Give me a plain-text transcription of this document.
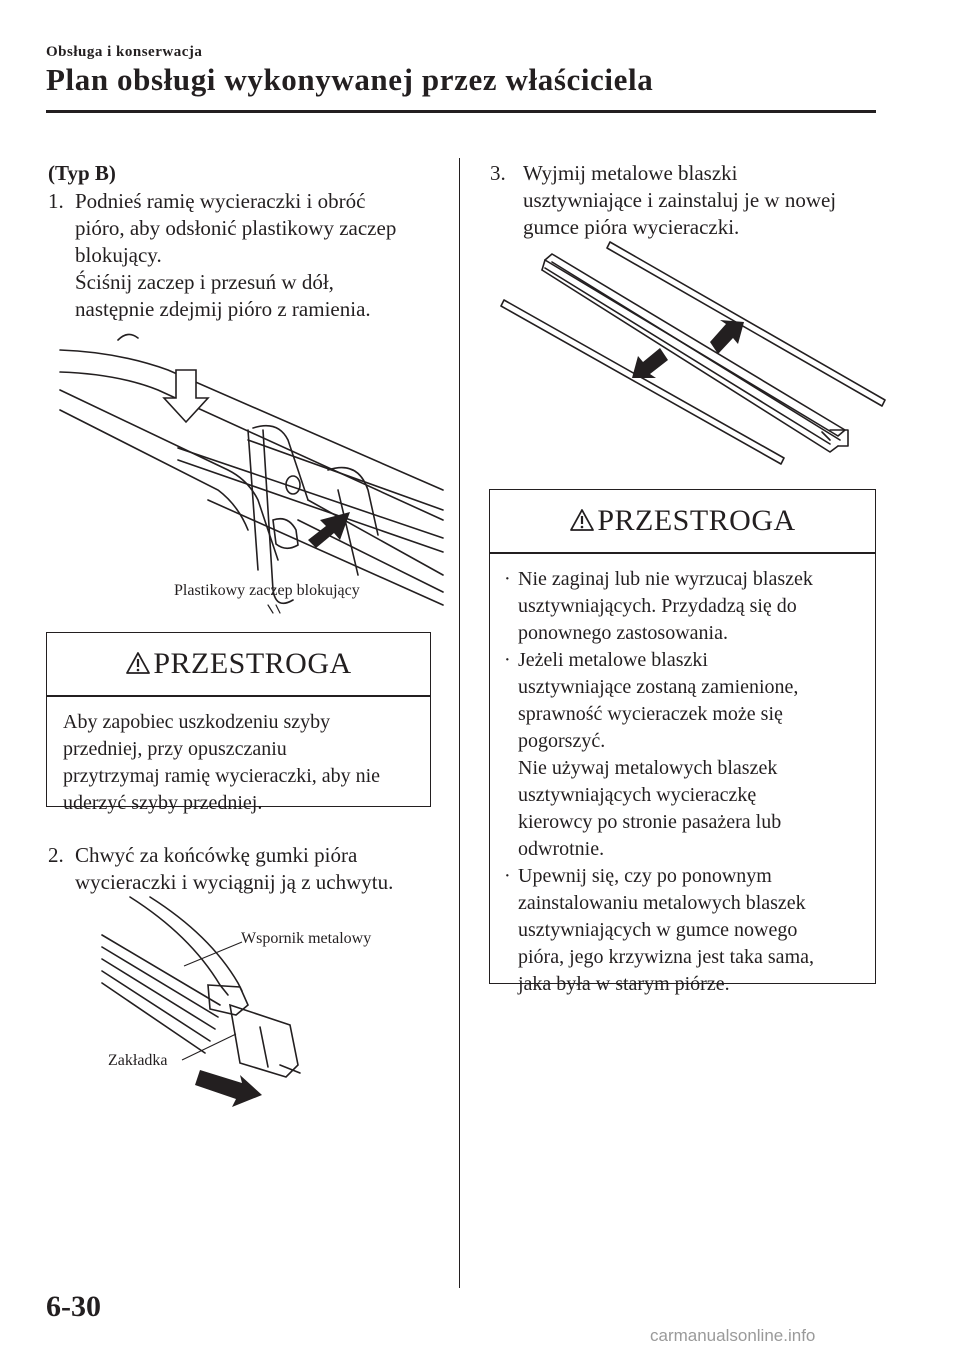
Obsługa i konserwacja
Plan obsługi wykonywanej przez właściciela
(Typ B)
1. Podnieś ramię wycieraczki i obróć
pióro, aby odsłonić plastikowy zaczep
blokujący.
Ściśnij zaczep i przesuń w dół,
następnie zdejmij pióro z ramienia.
Plastikowy zaczep blokujący
PRZESTROGA
Aby zapobiec uszkodzeniu szyby
przedniej, przy opuszczaniu
przytrzymaj ramię wycieraczki, aby nie
uderzyć szyby przedniej.
2. Chwyć za końcówkę gumki pióra
wycieraczki i wyciągnij ją z uchwytu.
Wspornik metalowy
Zakładka
3. Wyjmij metalowe blaszki
usztywniające i zainstaluj je w nowej
gumce pióra wycieraczki.
PRZESTROGA
· Nie zaginaj lub nie wyrzucaj blaszek
usztywniających. Przydadzą się do
ponownego zastosowania.
· Jeżeli metalowe blaszki
usztywniające zostaną zamienione,
sprawność wycieraczek może się
pogorszyć.
Nie używaj metalowych blaszek
usztywniających wycieraczkę
kierowcy po stronie pasażera lub
odwrotnie.
· Upewnij się, czy po ponownym
zainstalowaniu metalowych blaszek
usztywniających w gumce nowego
pióra, jego krzywizna jest taka sama,
jaka była w starym piórze.
6-30
carmanualsonline.info
